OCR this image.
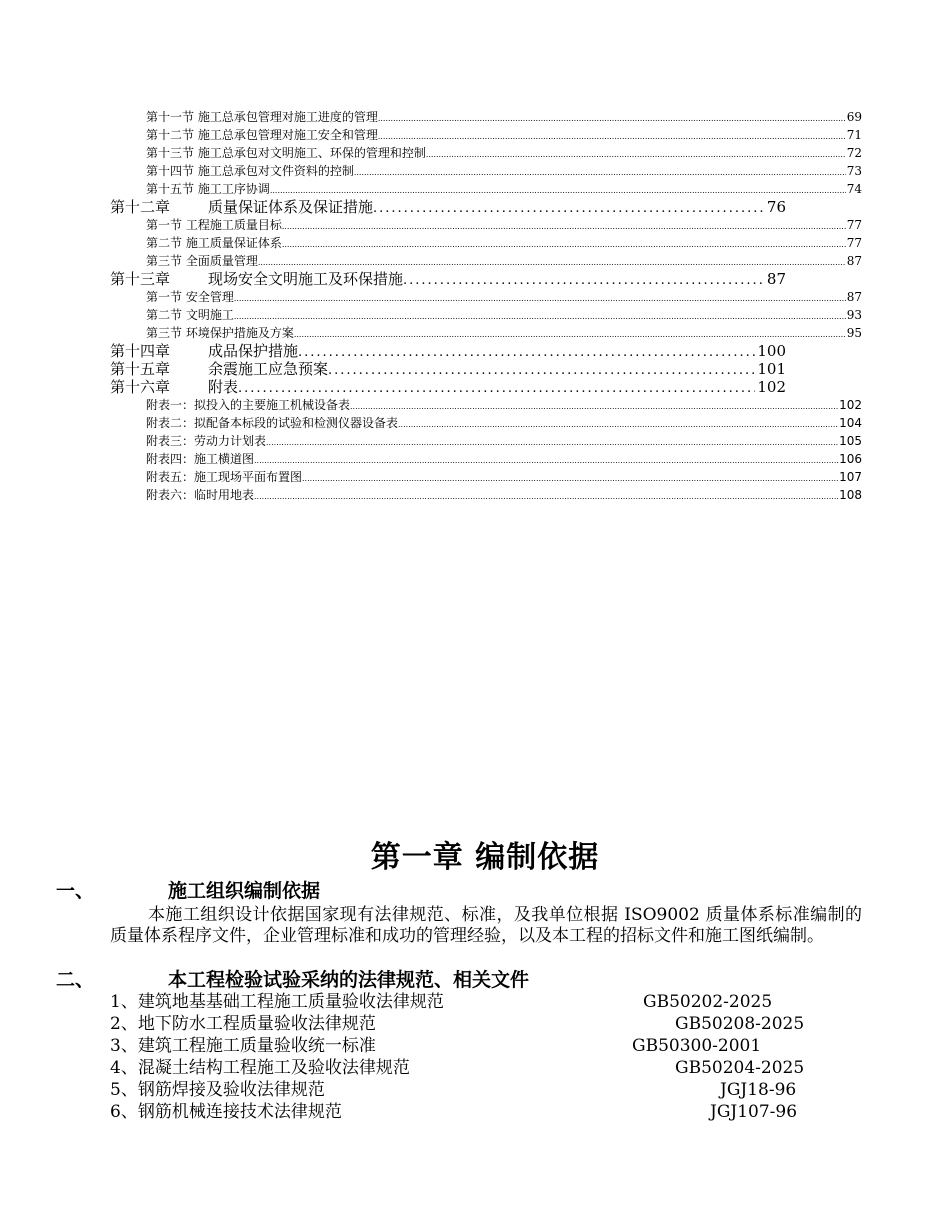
第十一节 施工总承包管理对施工进度的管理 .....	69
第十二节 施工总承包管理对施工安全和管理 .....	71
第十三节 施工总承包对文明施工、环保的管理和控制 .....	72
第十四节 施工总承包对文件资料的控制 .....	73
第十五节 施工工序协调 .....	74
第十二章	质量保证体系及保证措施 .....	76
第一节 工程施工质量目标 .....	77
第二节 施工质量保证体系 .....	77
第三节 全面质量管理 .....	87
第十三章	现场安全文明施工及环保措施 .....	87
第一节 安全管理 .....	87
第二节 文明施工 .....	93
第三节 环境保护措施及方案 .....	95
第十四章	成品保护措施 .....	100
第十五章	余震施工应急预案 .....	101
第十六章	附表 .....	102
附表一：拟投入的主要施工机械设备表 .....	102
附表二：拟配备本标段的试验和检测仪器设备表 .....	104
附表三：劳动力计划表 .....	105
附表四：施工横道图 .....	106
附表五：施工现场平面布置图 .....	107
附表六：临时用地表 .....	108
第一章 编制依据
一、	施工组织编制依据
本施工组织设计依据国家现有法律规范、标准，及我单位根据 ISO9002 质量体系标准编制的质量体系程序文件，企业管理标准和成功的管理经验，以及本工程的招标文件和施工图纸编制。
二、	本工程检验试验采纳的法律规范、相关文件
1、建筑地基基础工程施工质量验收法律规范	GB50202-2025
2、地下防水工程质量验收法律规范	GB50208-2025
3、建筑工程施工质量验收统一标准	GB50300-2001
4、混凝土结构工程施工及验收法律规范	GB50204-2025
5、钢筋焊接及验收法律规范	JGJ18-96
6、钢筋机械连接技术法律规范	JGJ107-96
